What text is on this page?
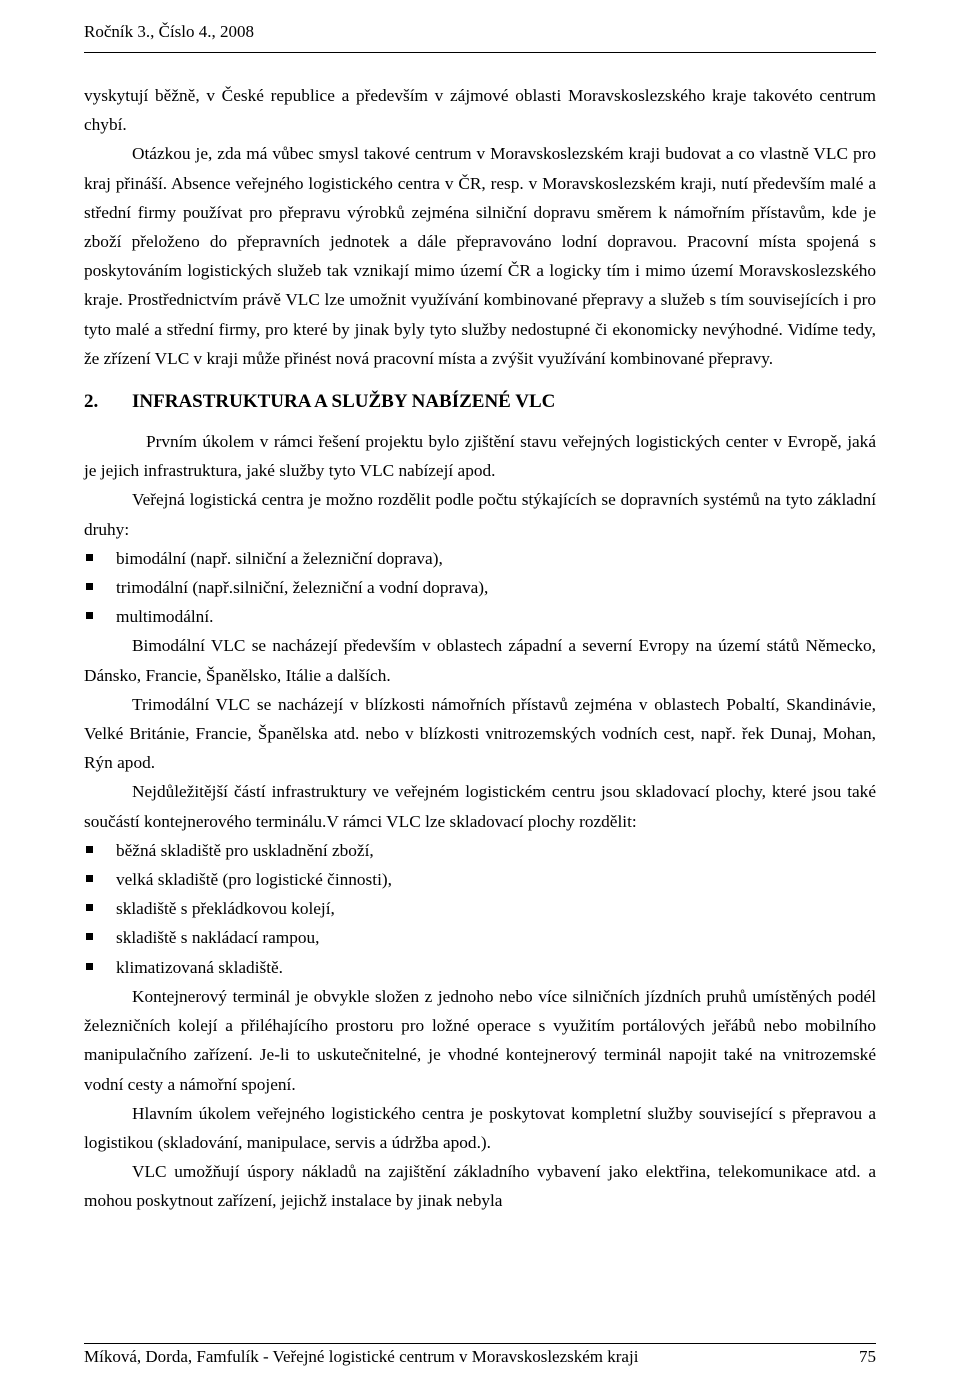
Ročník 3., Číslo 4., 2008

vyskytují běžně, v České republice a především v zájmové oblasti Moravskoslezského kraje takovéto centrum chybí.

Otázkou je, zda má vůbec smysl takové centrum v Moravskoslezském kraji budovat a co vlastně VLC pro kraj přináší. Absence veřejného logistického centra v ČR, resp. v Moravskoslezském kraji, nutí především malé a střední firmy používat pro přepravu výrobků zejména silniční dopravu směrem k námořním přístavům, kde je zboží přeloženo do přepravních jednotek a dále přepravováno lodní dopravou. Pracovní místa spojená s poskytováním logistických služeb tak vznikají mimo území ČR a logicky tím i mimo území Moravskoslezského kraje. Prostřednictvím právě VLC lze umožnit využívání kombinované přepravy a služeb s tím souvisejících i pro tyto malé a střední firmy, pro které by jinak byly tyto služby nedostupné či ekonomicky nevýhodné. Vidíme tedy, že zřízení VLC v kraji může přinést nová pracovní místa a zvýšit využívání kombinované přepravy.

2. INFRASTRUKTURA A SLUŽBY NABÍZENÉ VLC

Prvním úkolem v rámci řešení projektu bylo zjištění stavu veřejných logistických center v Evropě, jaká je jejich infrastruktura, jaké služby tyto VLC nabízejí apod.

Veřejná logistická centra je možno rozdělit podle počtu stýkajících se dopravních systémů na tyto základní druhy:

bimodální (např. silniční a železniční doprava),
trimodální (např.silniční, železniční a vodní doprava),
multimodální.

Bimodální VLC se nacházejí především v oblastech západní a severní Evropy na území států Německo, Dánsko, Francie, Španělsko, Itálie a dalších.

Trimodální VLC se nacházejí v blízkosti námořních přístavů zejména v oblastech Pobaltí, Skandinávie, Velké Británie, Francie, Španělska atd. nebo v blízkosti vnitrozemských vodních cest, např. řek Dunaj, Mohan, Rýn apod.

Nejdůležitější částí infrastruktury ve veřejném logistickém centru jsou skladovací plochy, které jsou také součástí kontejnerového terminálu.V rámci VLC lze skladovací plochy rozdělit:

běžná skladiště pro uskladnění zboží,
velká skladiště (pro logistické činnosti),
skladiště s překládkovou kolejí,
skladiště s nakládací rampou,
klimatizovaná skladiště.

Kontejnerový terminál je obvykle složen z jednoho nebo více silničních jízdních pruhů umístěných podél železničních kolejí a přiléhajícího prostoru pro ložné operace s využitím portálových jeřábů nebo mobilního manipulačního zařízení. Je-li to uskutečnitelné, je vhodné kontejnerový terminál napojit také na vnitrozemské vodní cesty a námořní spojení.

Hlavním úkolem veřejného logistického centra je poskytovat kompletní služby související s přepravou a logistikou (skladování, manipulace, servis a údržba apod.).

VLC umožňují úspory nákladů na zajištění základního vybavení jako elektřina, telekomunikace atd. a mohou poskytnout zařízení, jejichž instalace by jinak nebyla

Míková, Dorda, Famfulík - Veřejné logistické centrum v Moravskoslezském kraji	75
